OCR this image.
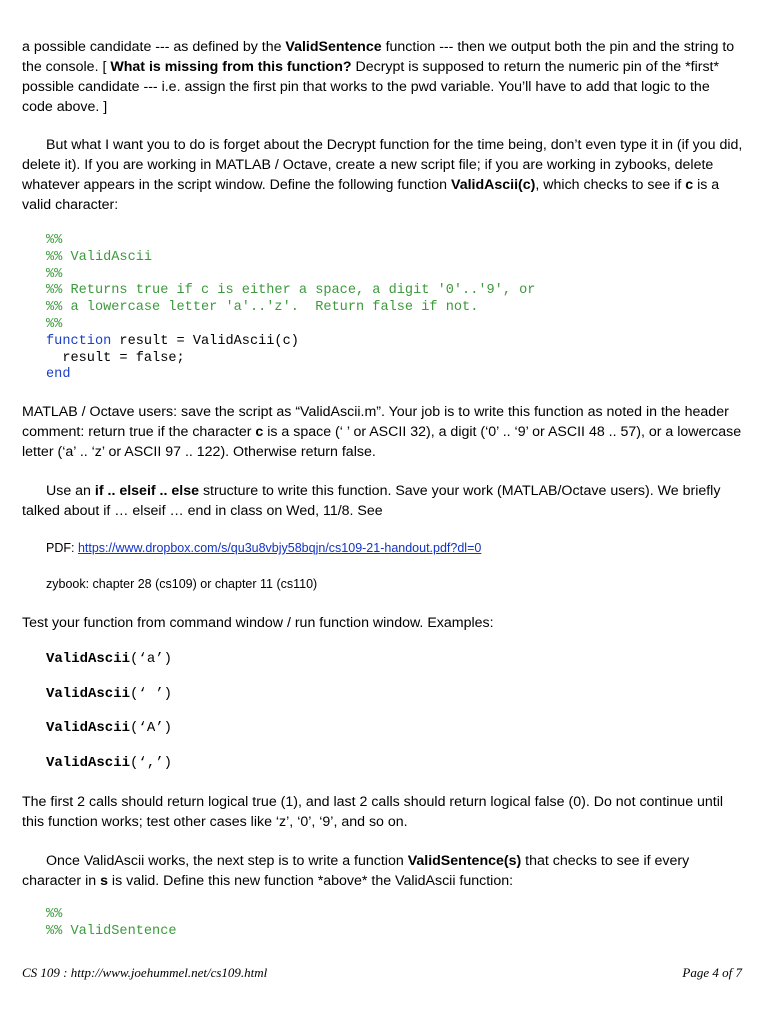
a possible candidate --- as defined by the ValidSentence function --- then we output both the pin and the string to the console. [ What is missing from this function? Decrypt is supposed to return the numeric pin of the *first* possible candidate --- i.e. assign the first pin that works to the pwd variable. You’ll have to add that logic to the code above. ]

But what I want you to do is forget about the Decrypt function for the time being, don’t even type it in (if you did, delete it). If you are working in MATLAB / Octave, create a new script file; if you are working in zybooks, delete whatever appears in the script window. Define the following function ValidAscii(c), which checks to see if c is a valid character:

%%
%% ValidAscii
%%
%% Returns true if c is either a space, a digit '0'..'9', or
%% a lowercase letter 'a'..'z'.  Return false if not.
%%
function result = ValidAscii(c)
result = false;
end

MATLAB / Octave users: save the script as “ValidAscii.m”. Your job is to write this function as noted in the header comment: return true if the character c is a space (‘ ’ or ASCII 32), a digit (‘0’ .. ‘9’ or ASCII 48 .. 57), or a lowercase letter (‘a’ .. ‘z’ or ASCII 97 .. 122). Otherwise return false.

Use an if .. elseif .. else structure to write this function. Save your work (MATLAB/Octave users). We briefly talked about if … elseif … end in class on Wed, 11/8. See

PDF: https://www.dropbox.com/s/qu3u8vbjy58bqjn/cs109-21-handout.pdf?dl=0

zybook: chapter 28 (cs109) or chapter 11 (cs110)

Test your function from command window / run function window. Examples:

ValidAscii(‘a’)

ValidAscii(‘ ’)

ValidAscii(‘A’)

ValidAscii(‘,’)

The first 2 calls should return logical true (1), and last 2 calls should return logical false (0). Do not continue until this function works; test other cases like ‘z’, ‘0’, ‘9’, and so on.

Once ValidAscii works, the next step is to write a function ValidSentence(s) that checks to see if every character in s is valid. Define this new function *above* the ValidAscii function:

%%
%% ValidSentence

CS 109 : http://www.joehummel.net/cs109.html	Page 4 of 7
